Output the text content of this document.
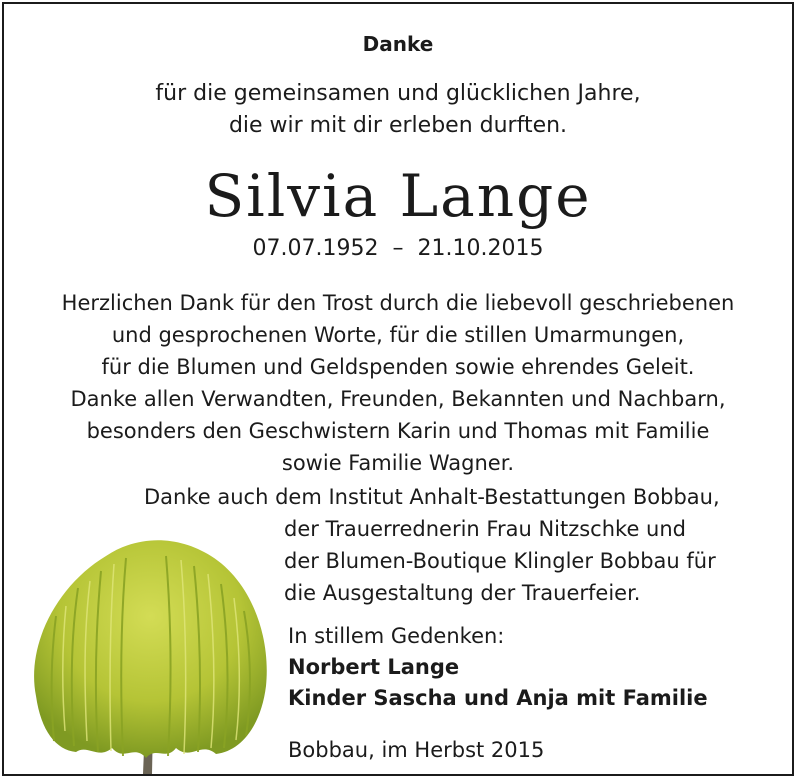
Danke
für die gemeinsamen und glücklichen Jahre,
die wir mit dir erleben durften.
Silvia Lange
07.07.1952 – 21.10.2015
Herzlichen Dank für den Trost durch die liebevoll geschriebenen
und gesprochenen Worte, für die stillen Umarmungen,
für die Blumen und Geldspenden sowie ehrendes Geleit.
Danke allen Verwandten, Freunden, Bekannten und Nachbarn,
besonders den Geschwistern Karin und Thomas mit Familie
sowie Familie Wagner.
Danke auch dem Institut Anhalt-Bestattungen Bobbau,
der Trauerrednerin Frau Nitzschke und
der Blumen-Boutique Klingler Bobbau für
die Ausgestaltung der Trauerfeier.
In stillem Gedenken:
Norbert Lange
Kinder Sascha und Anja mit Familie
Bobbau, im Herbst 2015
